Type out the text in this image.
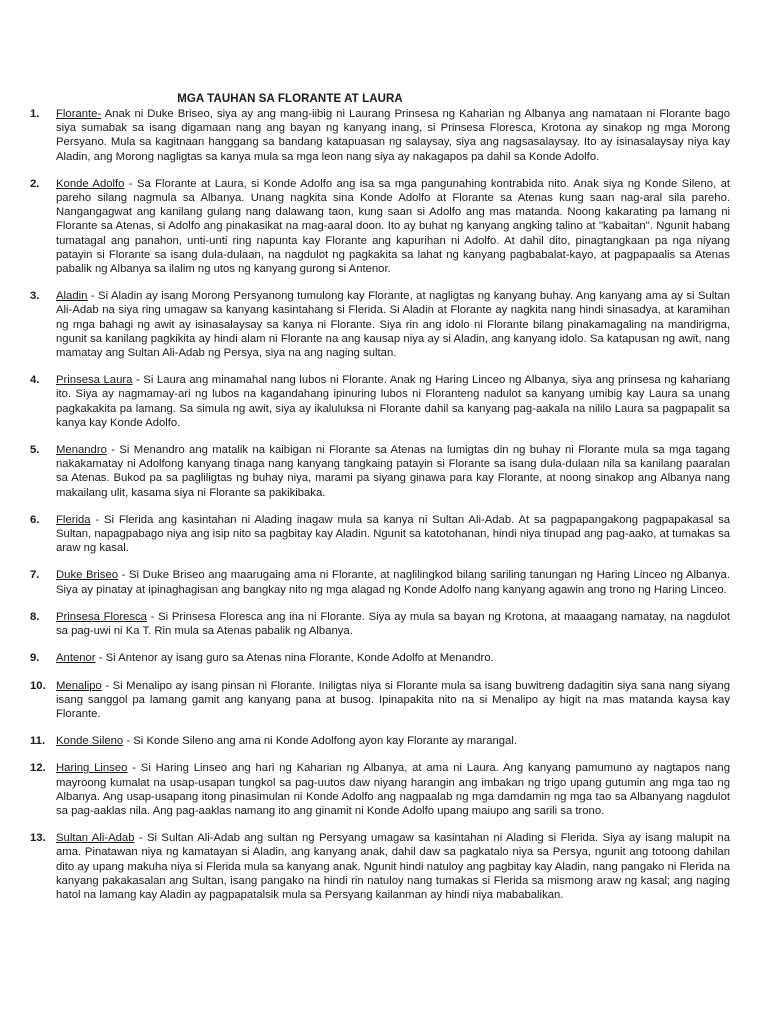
MGA TAUHAN SA FLORANTE AT LAURA
1.	Florante- Anak ni Duke Briseo, siya ay ang mang-iibig ni Laurang Prinsesa ng Kaharian ng Albanya ang namataan ni Florante bago siya sumabak sa isang digamaan nang ang bayan ng kanyang inang, si Prinsesa Floresca, Krotona ay sinakop ng mga Morong Persyano. Mula sa kagitnaan hanggang sa bandang katapuasan ng salaysay, siya ang nagsasalaysay. Ito ay isinasalaysay niya kay Aladin, ang Morong nagligtas sa kanya mula sa mga leon nang siya ay nakagapos pa dahil sa Konde Adolfo.
2.	Konde Adolfo - Sa Florante at Laura, si Konde Adolfo ang isa sa mga pangunahing kontrabida nito. Anak siya ng Konde Sileno, at pareho silang nagmula sa Albanya. Unang nagkita sina Konde Adolfo at Florante sa Atenas kung saan nag-aral sila pareho. Nangangagwat ang kanilang gulang nang dalawang taon, kung saan si Adolfo ang mas matanda. Noong kakarating pa lamang ni Florante sa Atenas, si Adolfo ang pinakasikat na mag-aaral doon. Ito ay buhat ng kanyang angking talino at "kabaitan". Ngunit habang tumatagal ang panahon, unti-unti ring napunta kay Florante ang kapurihan ni Adolfo. At dahil dito, pinagtangkaan pa nga niyang patayin si Florante sa isang dula-dulaan, na nagdulot ng pagkakita sa lahat ng kanyang pagbabalat-kayo, at pagpapaalis sa Atenas pabalik ng Albanya sa ilalim ng utos ng kanyang gurong si Antenor.
3.	Aladin - Si Aladin ay isang Morong Persyanong tumulong kay Florante, at nagligtas ng kanyang buhay. Ang kanyang ama ay si Sultan Ali-Adab na siya ring umagaw sa kanyang kasintahang si Flerida. Si Aladin at Florante ay nagkita nang hindi sinasadya, at karamihan ng mga bahagi ng awit ay isinasalaysay sa kanya ni Florante. Siya rin ang idolo ni Florante bilang pinakamagaling na mandirigma, ngunit sa kanilang pagkikita ay hindi alam ni Florante na ang kausap niya ay si Aladin, ang kanyang idolo. Sa katapusan ng awit, nang mamatay ang Sultan Ali-Adab ng Persya, siya na ang naging sultan.
4.	Prinsesa Laura - Si Laura ang minamahal nang lubos ni Florante. Anak ng Haring Linceo ng Albanya, siya ang prinsesa ng kahariang ito. Siya ay nagmamay-ari ng lubos na kagandahang ipinuring lubos ni Floranteng nadulot sa kanyang umibig kay Laura sa unang pagkakakita pa lamang. Sa simula ng awit, siya ay ikaluluksa ni Florante dahil sa kanyang pag-aakala na nililo Laura sa pagpapalit sa kanya kay Konde Adolfo.
5.	Menandro - Si Menandro ang matalik na kaibigan ni Florante sa Atenas na lumigtas din ng buhay ni Florante mula sa mga tagang nakakamatay ni Adolfong kanyang tinaga nang kanyang tangkaing patayin si Florante sa isang dula-dulaan nila sa kanilang paaralan sa Atenas. Bukod pa sa pagliligtas ng buhay niya, marami pa siyang ginawa para kay Florante, at noong sinakop ang Albanya nang makailang ulit, kasama siya ni Florante sa pakikibaka.
6.	Flerida - Si Flerida ang kasintahan ni Alading inagaw mula sa kanya ni Sultan Ali-Adab. At sa pagpapangakong pagpapakasal sa Sultan, napagpabago niya ang isip nito sa pagbitay kay Aladin. Ngunit sa katotohanan, hindi niya tinupad ang pag-aako, at tumakas sa araw ng kasal.
7.	Duke Briseo - Si Duke Briseo ang maarugaing ama ni Florante, at naglilingkod bilang sariling tanungan ng Haring Linceo ng Albanya. Siya ay pinatay at ipinaghagisan ang bangkay nito ng mga alagad ng Konde Adolfo nang kanyang agawin ang trono ng Haring Linceo.
8.	Prinsesa Floresca - Si Prinsesa Floresca ang ina ni Florante. Siya ay mula sa bayan ng Krotona, at maaagang namatay, na nagdulot sa pag-uwi ni Ka T. Rin mula sa Atenas pabalik ng Albanya.
9.	Antenor - Si Antenor ay isang guro sa Atenas nina Florante, Konde Adolfo at Menandro.
10. Menalipo - Si Menalipo ay isang pinsan ni Florante. Iniligtas niya si Florante mula sa isang buwitreng dadagitin siya sana nang siyang isang sanggol pa lamang gamit ang kanyang pana at busog. Ipinapakita nito na si Menalipo ay higit na mas matanda kaysa kay Florante.
11. Konde Sileno - Si Konde Sileno ang ama ni Konde Adolfong ayon kay Florante ay marangal.
12. Haring Linseo - Si Haring Linseo ang hari ng Kaharian ng Albanya, at ama ni Laura. Ang kanyang pamumuno ay nagtapos nang mayroong kumalat na usap-usapan tungkol sa pag-uutos daw niyang harangin ang imbakan ng trigo upang gutumin ang mga tao ng Albanya. Ang usap-usapang itong pinasimulan ni Konde Adolfo ang nagpaalab ng mga damdamin ng mga tao sa Albanyang nagdulot sa pag-aaklas nila. Ang pag-aaklas namang ito ang ginamit ni Konde Adolfo upang maiupo ang sarili sa trono.
13. Sultan Ali-Adab - Si Sultan Ali-Adab ang sultan ng Persyang umagaw sa kasintahan ni Alading si Flerida. Siya ay isang malupit na ama. Pinatawan niya ng kamatayan si Aladin, ang kanyang anak, dahil daw sa pagkatalo niya sa Persya, ngunit ang totoong dahilan dito ay upang makuha niya si Flerida mula sa kanyang anak. Ngunit hindi natuloy ang pagbitay kay Aladin, nang pangako ni Flerida na kanyang pakakasalan ang Sultan, isang pangako na hindi rin natuloy nang tumakas si Flerida sa mismong araw ng kasal; ang naging hatol na lamang kay Aladin ay pagpapatalsik mula sa Persyang kailanman ay hindi niya mababalikan.
